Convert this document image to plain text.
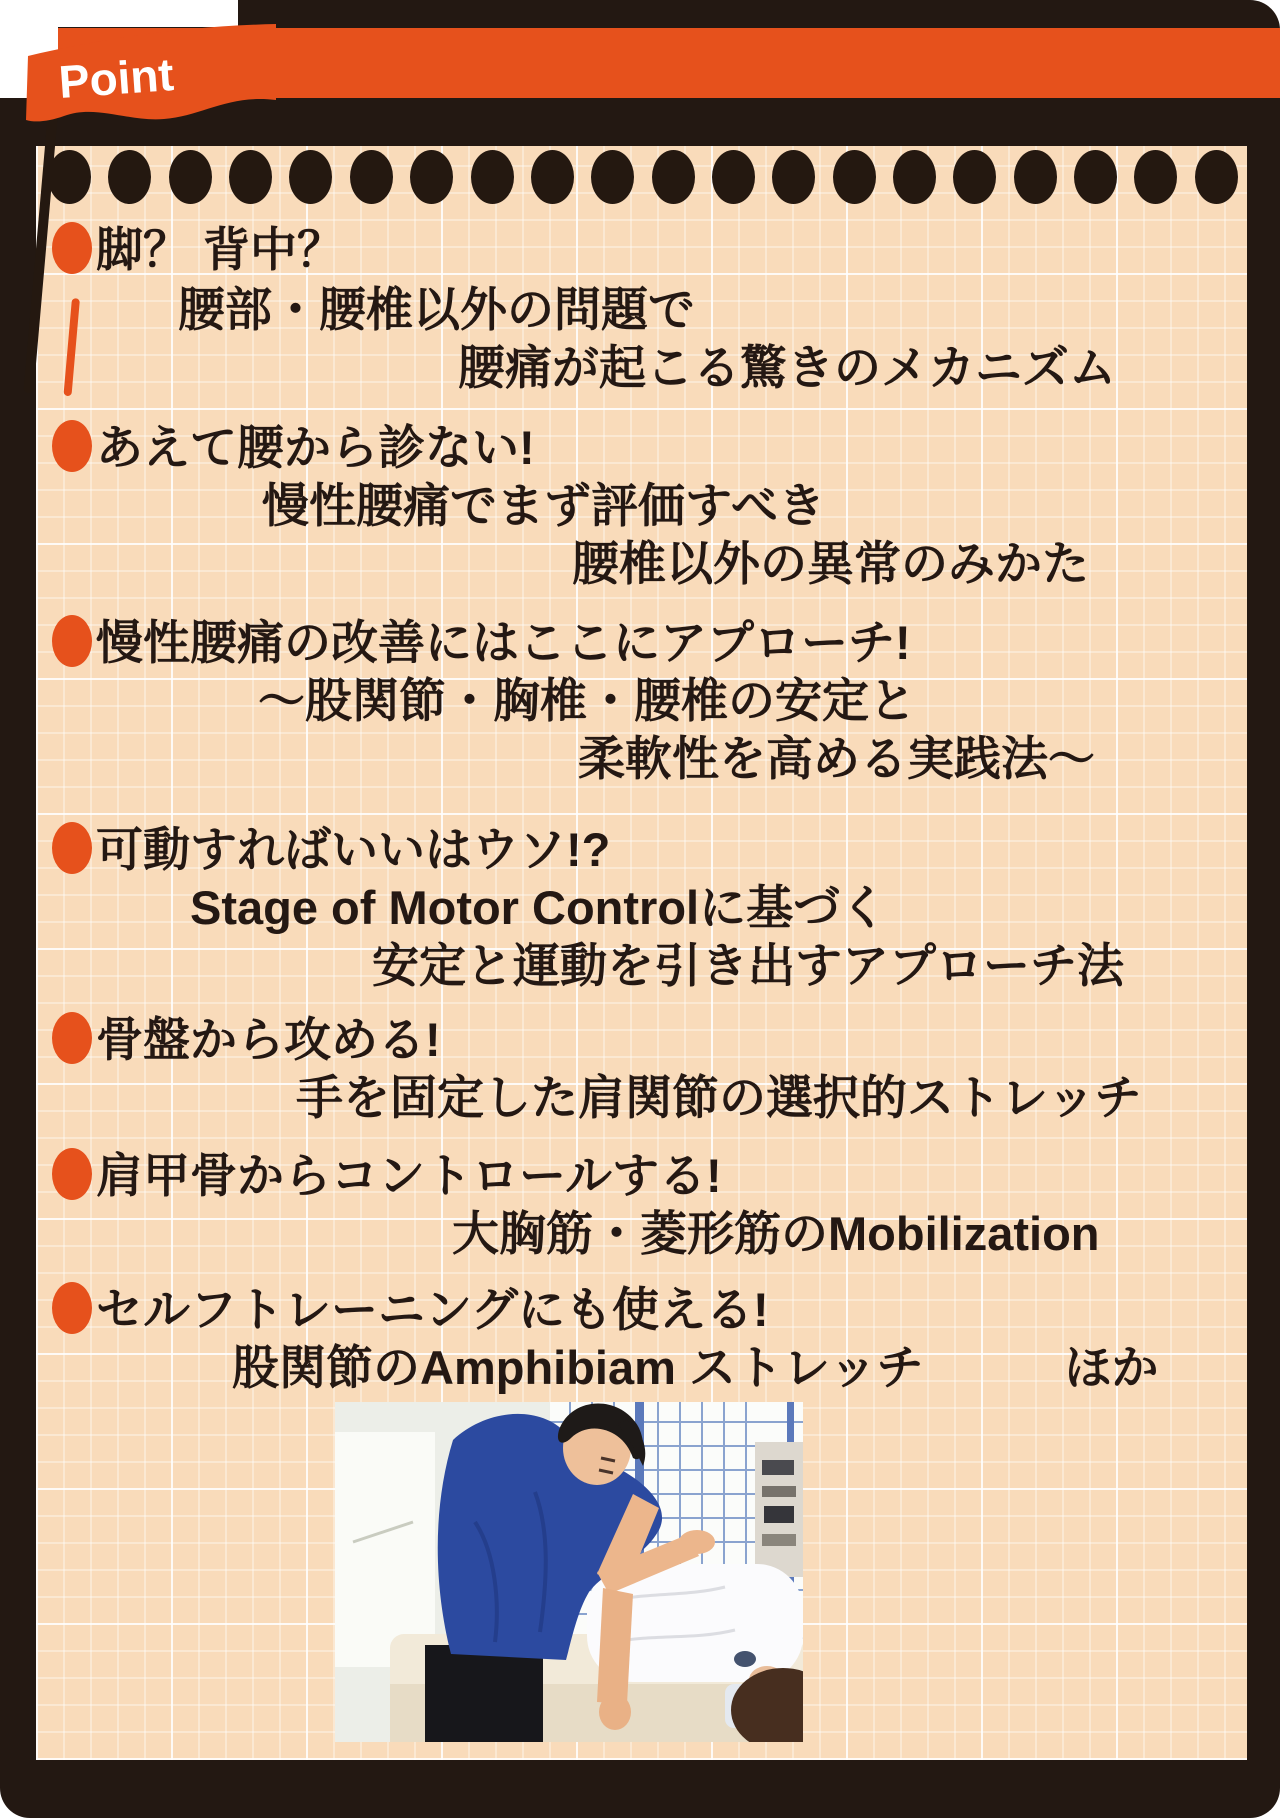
Point
脚？ 背中？
腰部・腰椎以外の問題で
腰痛が起こる驚きのメカニズム
あえて腰から診ない!
慢性腰痛でまず評価すべき
腰椎以外の異常のみかた
慢性腰痛の改善にはここにアプローチ!
～股関節・胸椎・腰椎の安定と
柔軟性を高める実践法～
可動すればいいはウソ!?
Stage of Motor Controlに基づく
安定と運動を引き出すアプローチ法
骨盤から攻める!
手を固定した肩関節の選択的ストレッチ
肩甲骨からコントロールする!
大胸筋・菱形筋のMobilization
セルフトレーニングにも使える!
股関節のAmphibiam ストレッチ　　　ほか
